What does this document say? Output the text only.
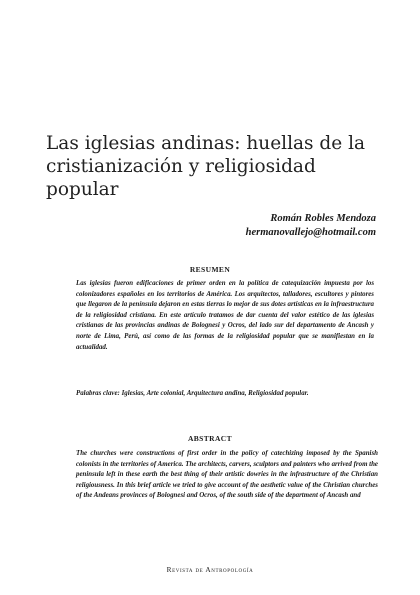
Las iglesias andinas: huellas de la cristianización y religiosidad popular
Román Robles Mendoza
hermanovallejo@hotmail.com
RESUMEN

Las iglesias fueron edificaciones de primer orden en la política de catequización impuesta por los colonizadores españoles en los territorios de América. Los arquitectos, talladores, escultores y pintores que llegaron de la península dejaron en estas tierras lo mejor de sus dotes artísticas en la infraestructura de la religiosidad cristiana. En este artículo tratamos de dar cuenta del valor estético de las iglesias cristianas de las provincias andinas de Bolognesi y Ocros, del lado sur del departamento de Ancash y norte de Lima, Perú, así como de las formas de la religiosidad popular que se manifiestan en la actualidad.

Palabras clave: Iglesias, Arte colonial, Arquitectura andina, Religiosidad popular.

ABSTRACT

The churches were constructions of first order in the policy of catechizing imposed by the Spanish colonists in the territories of America. The architects, carvers, sculptors and painters who arrived from the peninsula left in these earth the best thing of their artistic dowries in the infrastructure of the Christian religiousness. In this brief article we tried to give account of the aesthetic value of the Christian churches of the Andeans provinces of Bolognesi and Ocros, of the south side of the department of Ancash and

Revista de Antropología
